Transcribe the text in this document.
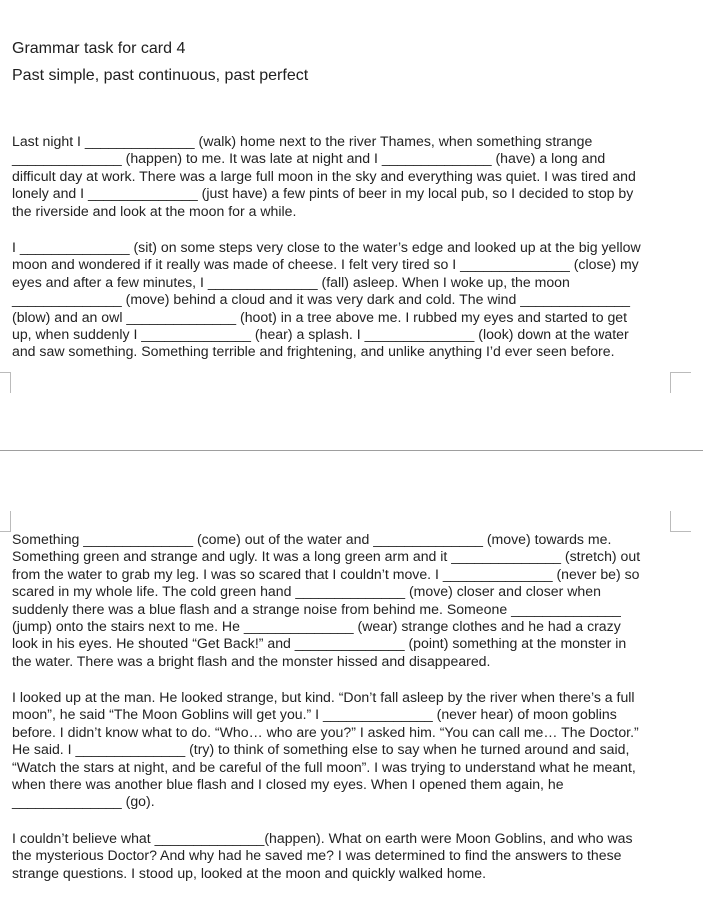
Grammar task for card 4
Past simple, past continuous, past perfect
Last night I ______________ (walk) home next to the river Thames, when something strange
______________ (happen) to me. It was late at night and I ______________ (have) a long and
difficult day at work. There was a large full moon in the sky and everything was quiet. I was tired and
lonely and I ______________ (just have) a few pints of beer in my local pub, so I decided to stop by
the riverside and look at the moon for a while.

I ______________ (sit) on some steps very close to the water’s edge and looked up at the big yellow
moon and wondered if it really was made of cheese. I felt very tired so I ______________ (close) my
eyes and after a few minutes, I ______________ (fall) asleep. When I woke up, the moon
______________ (move) behind a cloud and it was very dark and cold. The wind ______________
(blow) and an owl ______________ (hoot) in a tree above me. I rubbed my eyes and started to get
up, when suddenly I ______________ (hear) a splash. I ______________ (look) down at the water
and saw something. Something terrible and frightening, and unlike anything I’d ever seen before.

Something ______________ (come) out of the water and ______________ (move) towards me.
Something green and strange and ugly. It was a long green arm and it ______________ (stretch) out
from the water to grab my leg. I was so scared that I couldn’t move. I ______________ (never be) so
scared in my whole life. The cold green hand ______________ (move) closer and closer when
suddenly there was a blue flash and a strange noise from behind me. Someone ______________
(jump) onto the stairs next to me. He ______________ (wear) strange clothes and he had a crazy
look in his eyes. He shouted “Get Back!” and ______________ (point) something at the monster in
the water. There was a bright flash and the monster hissed and disappeared.

I looked up at the man. He looked strange, but kind. “Don’t fall asleep by the river when there’s a full
moon”, he said “The Moon Goblins will get you.” I ______________ (never hear) of moon goblins
before. I didn’t know what to do. “Who… who are you?” I asked him. “You can call me… The Doctor.”
He said. I ______________ (try) to think of something else to say when he turned around and said,
“Watch the stars at night, and be careful of the full moon”. I was trying to understand what he meant,
when there was another blue flash and I closed my eyes. When I opened them again, he
______________ (go).

I couldn’t believe what ______________(happen). What on earth were Moon Goblins, and who was
the mysterious Doctor? And why had he saved me? I was determined to find the answers to these
strange questions. I stood up, looked at the moon and quickly walked home.
